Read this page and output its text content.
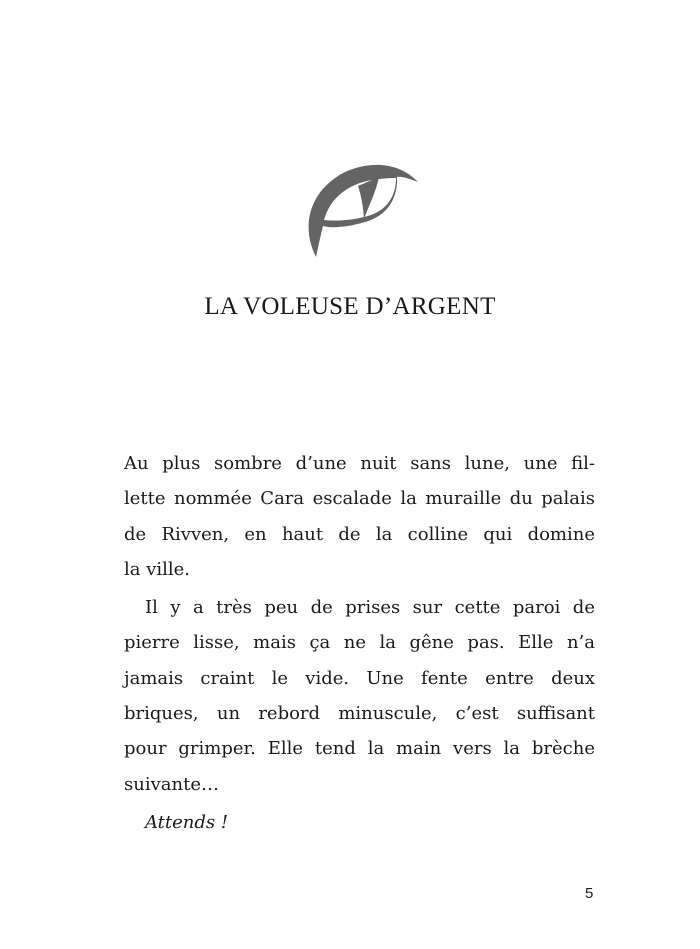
LA VOLEUSE D’ARGENT
Au plus sombre d’une nuit sans lune, une fil-
lette nommée Cara escalade la muraille du palais
de Rivven, en haut de la colline qui domine
la ville.
Il y a très peu de prises sur cette paroi de
pierre lisse, mais ça ne la gêne pas. Elle n’a
jamais craint le vide. Une fente entre deux
briques, un rebord minuscule, c’est suffisant
pour grimper. Elle tend la main vers la brèche
suivante…
Attends !
5
